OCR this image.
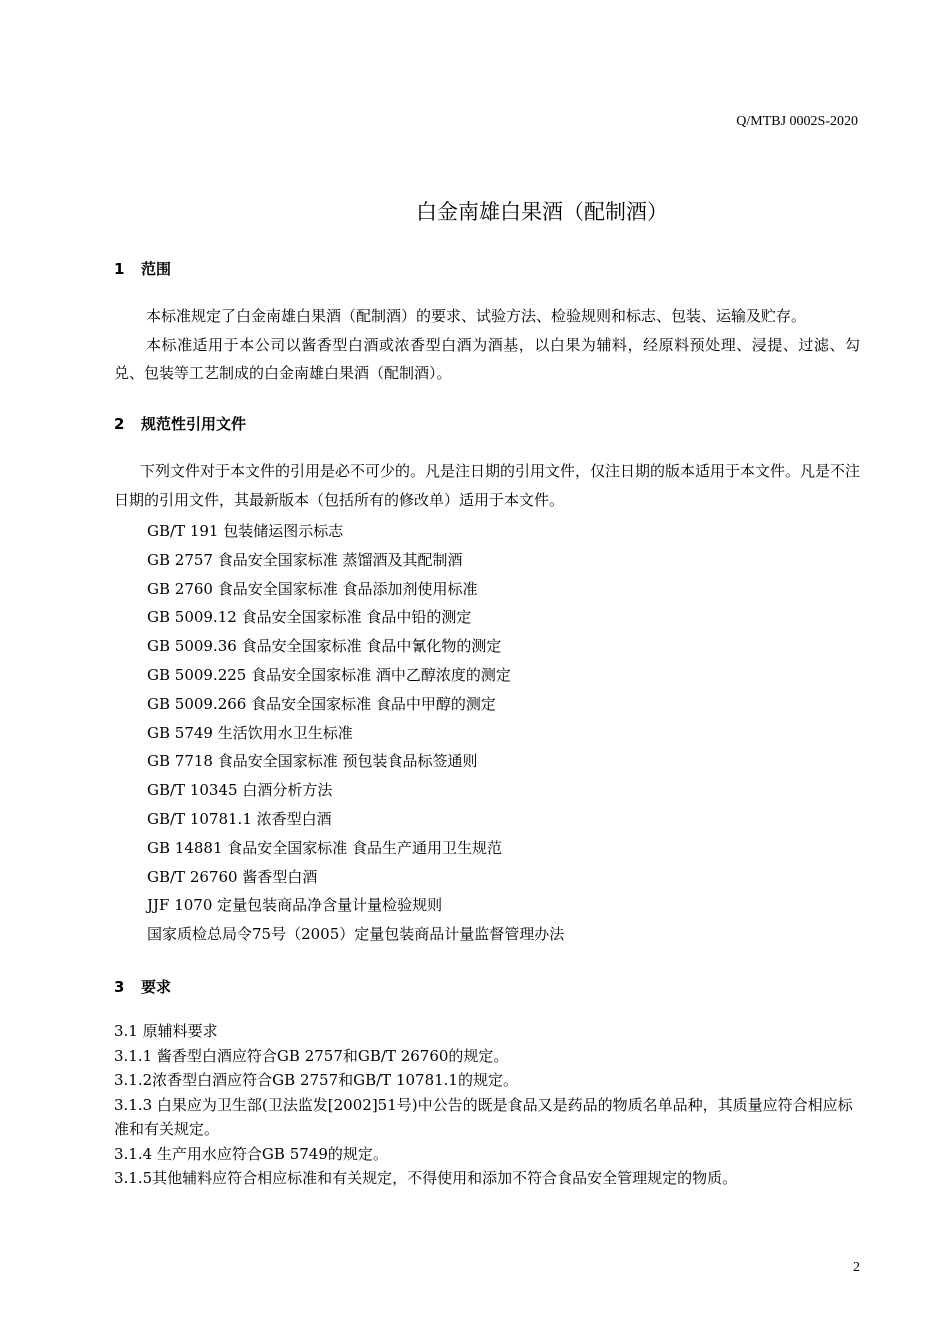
Q/MTBJ 0002S-2020
白金南雄白果酒（配制酒）
1 范围

本标准规定了白金南雄白果酒（配制酒）的要求、试验方法、检验规则和标志、包装、运输及贮存。

本标准适用于本公司以酱香型白酒或浓香型白酒为酒基，以白果为辅料，经原料预处理、浸提、过滤、勾兑、包装等工艺制成的白金南雄白果酒（配制酒）。

2 规范性引用文件

下列文件对于本文件的引用是必不可少的。凡是注日期的引用文件，仅注日期的版本适用于本文件。凡是不注日期的引用文件，其最新版本（包括所有的修改单）适用于本文件。

GB/T 191 包装储运图示标志
GB 2757 食品安全国家标准 蒸馏酒及其配制酒
GB 2760 食品安全国家标准 食品添加剂使用标准
GB 5009.12 食品安全国家标准 食品中铅的测定
GB 5009.36 食品安全国家标准 食品中氰化物的测定
GB 5009.225 食品安全国家标准 酒中乙醇浓度的测定
GB 5009.266 食品安全国家标准 食品中甲醇的测定
GB 5749 生活饮用水卫生标准
GB 7718 食品安全国家标准 预包装食品标签通则
GB/T 10345 白酒分析方法
GB/T 10781.1 浓香型白酒
GB 14881 食品安全国家标准 食品生产通用卫生规范
GB/T 26760 酱香型白酒
JJF 1070 定量包装商品净含量计量检验规则
国家质检总局令75号（2005）定量包装商品计量监督管理办法
3 要求
3.1 原辅料要求
3.1.1 酱香型白酒应符合GB 2757和GB/T 26760的规定。
3.1.2浓香型白酒应符合GB 2757和GB/T 10781.1的规定。
3.1.3 白果应为卫生部(卫法监发[2002]51号)中公告的既是食品又是药品的物质名单品种，其质量应符合相应标准和有关规定。
3.1.4 生产用水应符合GB 5749的规定。
3.1.5其他辅料应符合相应标准和有关规定，不得使用和添加不符合食品安全管理规定的物质。
2
